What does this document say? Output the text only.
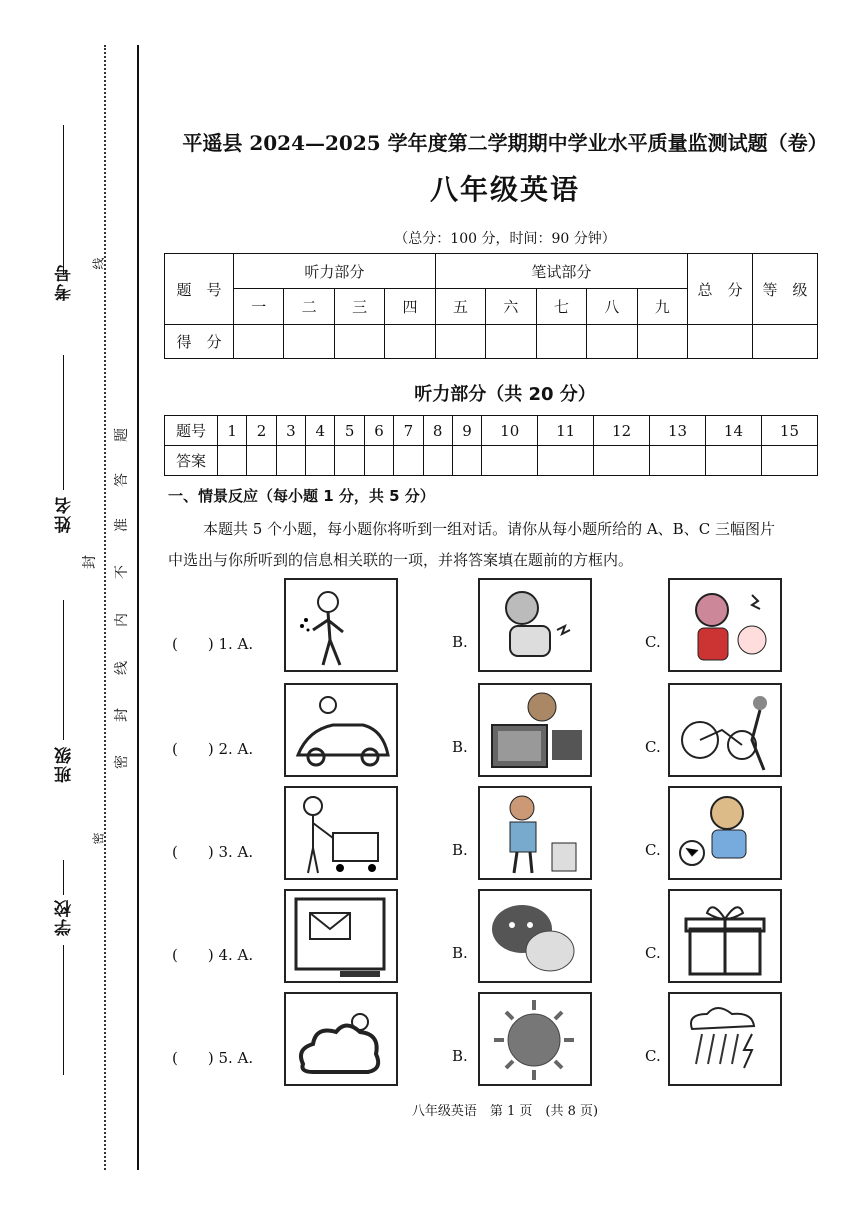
考号
姓名
班级
学校
线
密
封
题
答
准
不
内
线
封
密
平遥县 2024—2025 学年度第二学期期中学业水平质量监测试题（卷）
八年级英语
（总分：100 分，时间：90 分钟）
题　号	听力部分				笔试部分					总　分	等　级
	一	二	三	四	五	六	七	八	九		
得　分											
听力部分（共 20 分）
题号	1	2	3	4	5	6	7	8	9	10	11	12	13	14	15
答案															
一、情景反应（每小题 1 分，共 5 分）
本题共 5 个小题，每小题你将听到一组对话。请你从每小题所给的 A、B、C 三幅图片
中选出与你所听到的信息相关联的一项，并将答案填在题前的方框内。
(　　) 1. A.	B.	C.
(　　) 2. A.	B.	C.
(　　) 3. A.	B.	C.
(　　) 4. A.	B.	C.
(　　) 5. A.	B.	C.
八年级英语　第 1 页　(共 8 页)
